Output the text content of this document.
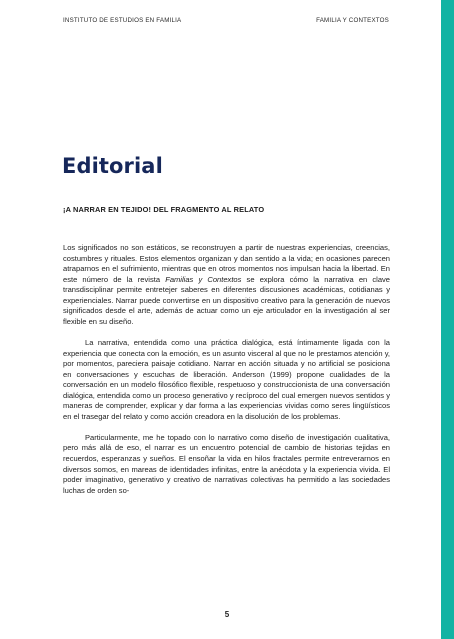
INSTITUTO DE ESTUDIOS EN FAMILIA	FAMILIA Y CONTEXTOS
Editorial

¡A NARRAR EN TEJIDO! DEL FRAGMENTO AL RELATO

Los significados no son estáticos, se reconstruyen a partir de nuestras experiencias, creencias, costumbres y rituales. Estos elementos organizan y dan sentido a la vida; en ocasiones parecen atraparnos en el sufrimiento, mientras que en otros momentos nos impulsan hacia la libertad. En este número de la revista Familias y Contextos se explora cómo la narrativa en clave transdisciplinar permite entretejer saberes en diferentes discusiones académicas, cotidianas y experienciales. Narrar puede convertirse en un dispositivo creativo para la generación de nuevos significados desde el arte, además de actuar como un eje articulador en la investigación al ser flexible en su diseño.

La narrativa, entendida como una práctica dialógica, está íntimamente ligada con la experiencia que conecta con la emoción, es un asunto visceral al que no le prestamos atención y, por momentos, pareciera paisaje cotidiano. Narrar en acción situada y no artificial se posiciona en conversaciones y escuchas de liberación. Anderson (1999) propone cualidades de la conversación en un modelo filosófico flexible, respetuoso y construccionista de una conversación dialógica, entendida como un proceso generativo y recíproco del cual emergen nuevos sentidos y maneras de comprender, explicar y dar forma a las experiencias vividas como seres lingüísticos en el trasegar del relato y como acción creadora en la disolución de los problemas.

Particularmente, me he topado con lo narrativo como diseño de investigación cualitativa, pero más allá de eso, el narrar es un encuentro potencial de cambio de historias tejidas en recuerdos, esperanzas y sueños. El ensoñar la vida en hilos fractales permite entreverarnos en diversos somos, en mareas de identidades infinitas, entre la anécdota y la experiencia vivida. El poder imaginativo, generativo y creativo de narrativas colectivas ha permitido a las sociedades luchas de orden so-

5
